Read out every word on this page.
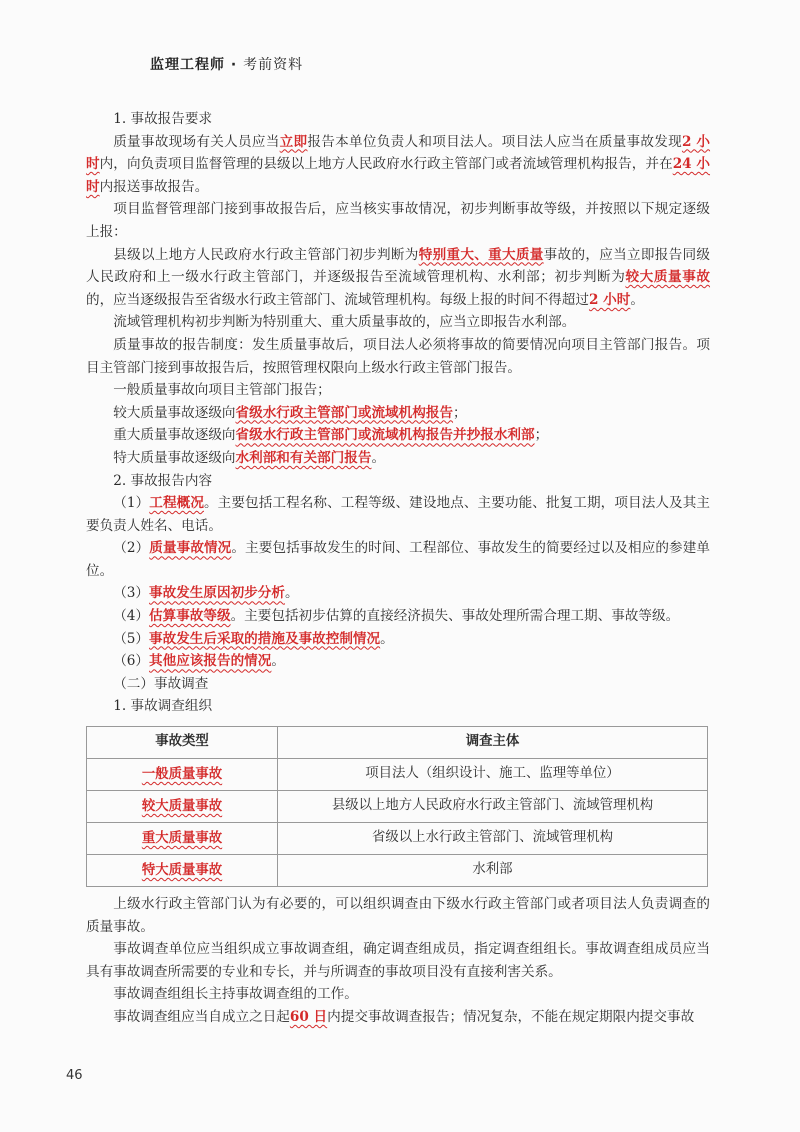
监理工程师 · 考前资料

1. 事故报告要求

质量事故现场有关人员应当立即报告本单位负责人和项目法人。项目法人应当在质量事故发现2 小时内，向负责项目监督管理的县级以上地方人民政府水行政主管部门或者流域管理机构报告，并在24 小时内报送事故报告。

项目监督管理部门接到事故报告后，应当核实事故情况，初步判断事故等级，并按照以下规定逐级上报：

县级以上地方人民政府水行政主管部门初步判断为特别重大、重大质量事故的，应当立即报告同级人民政府和上一级水行政主管部门，并逐级报告至流域管理机构、水利部；初步判断为较大质量事故的，应当逐级报告至省级水行政主管部门、流域管理机构。每级上报的时间不得超过2 小时。

流域管理机构初步判断为特别重大、重大质量事故的，应当立即报告水利部。

质量事故的报告制度：发生质量事故后，项目法人必须将事故的简要情况向项目主管部门报告。项目主管部门接到事故报告后，按照管理权限向上级水行政主管部门报告。

一般质量事故向项目主管部门报告；

较大质量事故逐级向省级水行政主管部门或流域机构报告；

重大质量事故逐级向省级水行政主管部门或流域机构报告并抄报水利部；

特大质量事故逐级向水利部和有关部门报告。

2. 事故报告内容

（1）工程概况。主要包括工程名称、工程等级、建设地点、主要功能、批复工期，项目法人及其主要负责人姓名、电话。

（2）质量事故情况。主要包括事故发生的时间、工程部位、事故发生的简要经过以及相应的参建单位。

（3）事故发生原因初步分析。

（4）估算事故等级。主要包括初步估算的直接经济损失、事故处理所需合理工期、事故等级。

（5）事故发生后采取的措施及事故控制情况。

（6）其他应该报告的情况。

（二）事故调查

1. 事故调查组织

事故类型	调查主体
一般质量事故	项目法人（组织设计、施工、监理等单位）
较大质量事故	县级以上地方人民政府水行政主管部门、流域管理机构
重大质量事故	省级以上水行政主管部门、流域管理机构
特大质量事故	水利部

上级水行政主管部门认为有必要的，可以组织调查由下级水行政主管部门或者项目法人负责调查的质量事故。

事故调查单位应当组织成立事故调查组，确定调查组成员，指定调查组组长。事故调查组成员应当具有事故调查所需要的专业和专长，并与所调查的事故项目没有直接利害关系。

事故调查组组长主持事故调查组的工作。

事故调查组应当自成立之日起60 日内提交事故调查报告；情况复杂，不能在规定期限内提交事故

46
